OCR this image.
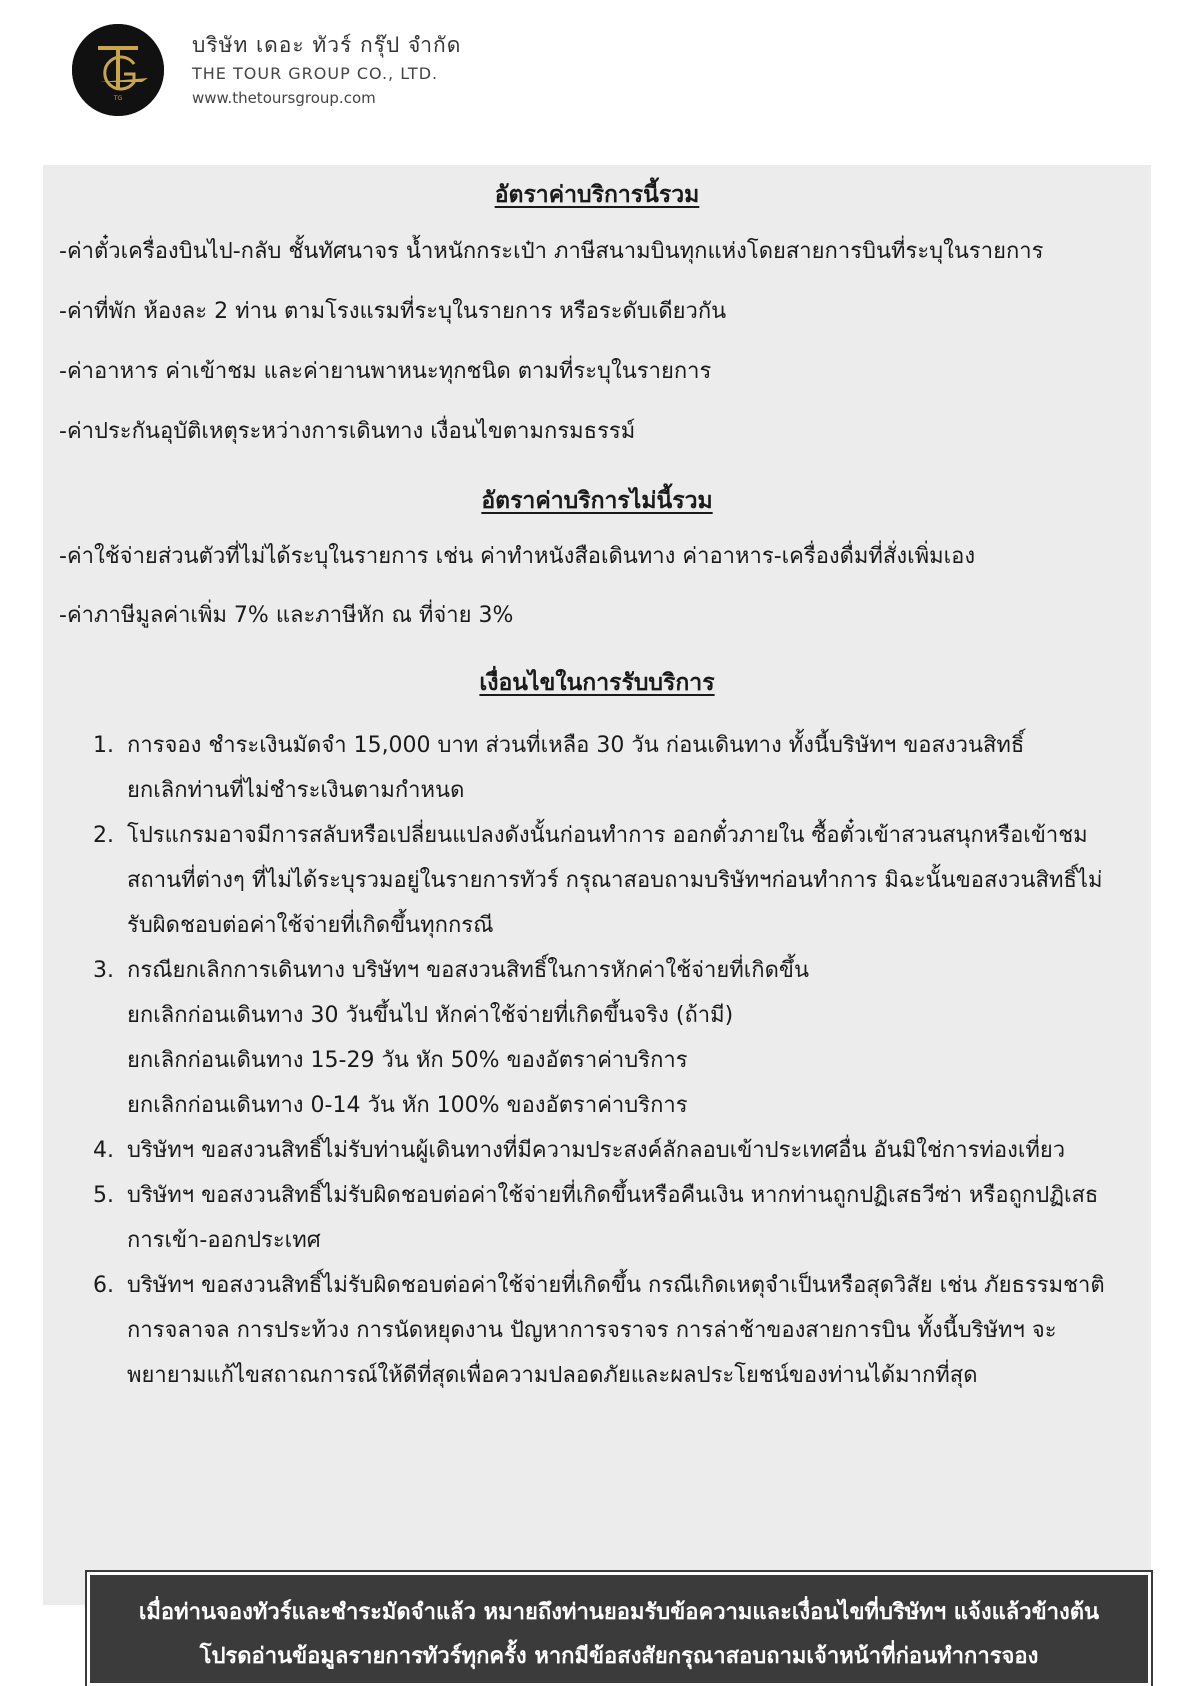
TG
บริษัท เดอะ ทัวร์ กรุ๊ป จำกัด
THE TOUR GROUP CO., LTD.
www.thetoursgroup.com
อัตราค่าบริการนี้รวม
-ค่าตั๋วเครื่องบินไป-กลับ ชั้นทัศนาจร น้ำหนักกระเป๋า ภาษีสนามบินทุกแห่งโดยสายการบินที่ระบุในรายการ
-ค่าที่พัก ห้องละ 2 ท่าน ตามโรงแรมที่ระบุในรายการ หรือระดับเดียวกัน
-ค่าอาหาร ค่าเข้าชม และค่ายานพาหนะทุกชนิด ตามที่ระบุในรายการ
-ค่าประกันอุบัติเหตุระหว่างการเดินทาง เงื่อนไขตามกรมธรรม์
อัตราค่าบริการไม่นี้รวม
-ค่าใช้จ่ายส่วนตัวที่ไม่ได้ระบุในรายการ เช่น ค่าทำหนังสือเดินทาง ค่าอาหาร-เครื่องดื่มที่สั่งเพิ่มเอง
-ค่าภาษีมูลค่าเพิ่ม 7% และภาษีหัก ณ ที่จ่าย 3%
เงื่อนไขในการรับบริการ
1. การจอง ชำระเงินมัดจำ 15,000 บาท ส่วนที่เหลือ 30 วัน ก่อนเดินทาง ทั้งนี้บริษัทฯ ขอสงวนสิทธิ์
ยกเลิกท่านที่ไม่ชำระเงินตามกำหนด
2. โปรแกรมอาจมีการสลับหรือเปลี่ยนแปลงดังนั้นก่อนทำการ ออกตั๋วภายใน ซื้อตั๋วเข้าสวนสนุกหรือเข้าชม
สถานที่ต่างๆ ที่ไม่ได้ระบุรวมอยู่ในรายการทัวร์ กรุณาสอบถามบริษัทฯก่อนทำการ มิฉะนั้นขอสงวนสิทธิ์ไม่
รับผิดชอบต่อค่าใช้จ่ายที่เกิดขึ้นทุกกรณี
3. กรณียกเลิกการเดินทาง บริษัทฯ ขอสงวนสิทธิ์ในการหักค่าใช้จ่ายที่เกิดขึ้น
ยกเลิกก่อนเดินทาง 30 วันขึ้นไป หักค่าใช้จ่ายที่เกิดขึ้นจริง (ถ้ามี)
ยกเลิกก่อนเดินทาง 15-29 วัน หัก 50% ของอัตราค่าบริการ
ยกเลิกก่อนเดินทาง 0-14 วัน หัก 100% ของอัตราค่าบริการ
4. บริษัทฯ ขอสงวนสิทธิ์ไม่รับท่านผู้เดินทางที่มีความประสงค์ลักลอบเข้าประเทศอื่น อันมิใช่การท่องเที่ยว
5. บริษัทฯ ขอสงวนสิทธิ์ไม่รับผิดชอบต่อค่าใช้จ่ายที่เกิดขึ้นหรือคืนเงิน หากท่านถูกปฏิเสธวีซ่า หรือถูกปฏิเสธ
การเข้า-ออกประเทศ
6. บริษัทฯ ขอสงวนสิทธิ์ไม่รับผิดชอบต่อค่าใช้จ่ายที่เกิดขึ้น กรณีเกิดเหตุจำเป็นหรือสุดวิสัย เช่น ภัยธรรมชาติ
การจลาจล การประท้วง การนัดหยุดงาน ปัญหาการจราจร การล่าช้าของสายการบิน ทั้งนี้บริษัทฯ จะ
พยายามแก้ไขสถาณการณ์ให้ดีที่สุดเพื่อความปลอดภัยและผลประโยชน์ของท่านได้มากที่สุด
เมื่อท่านจองทัวร์และชำระมัดจำแล้ว หมายถึงท่านยอมรับข้อความและเงื่อนไขที่บริษัทฯ แจ้งแล้วข้างต้น
โปรดอ่านข้อมูลรายการทัวร์ทุกครั้ง หากมีข้อสงสัยกรุณาสอบถามเจ้าหน้าที่ก่อนทำการจอง
